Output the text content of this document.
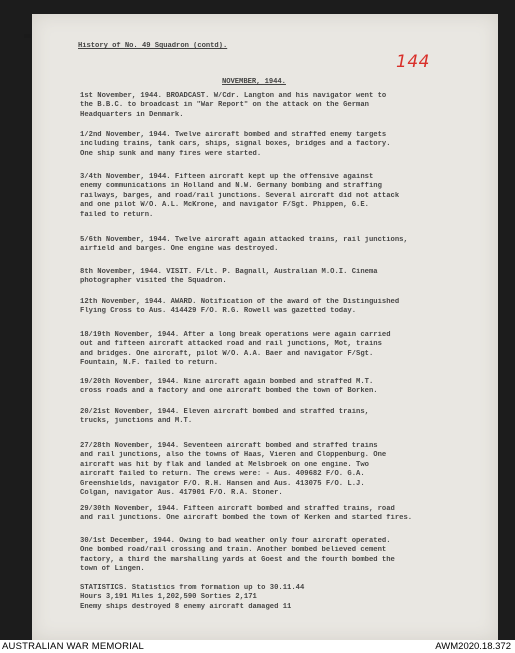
History of No. 49 Squadron (contd).
144
NOVEMBER, 1944.
1st November, 1944. BROADCAST. W/Cdr. Langton and his navigator went to
the B.B.C. to broadcast in "War Report" on the attack on the German
Headquarters in Denmark.
1/2nd November, 1944. Twelve aircraft bombed and straffed enemy targets
including trains, tank cars, ships, signal boxes, bridges and a factory.
One ship sunk and many fires were started.
3/4th November, 1944. Fifteen aircraft kept up the offensive against
enemy communications in Holland and N.W. Germany bombing and straffing
railways, barges, and road/rail junctions. Several aircraft did not attack
and one pilot W/O. A.L. McKrone, and navigator F/Sgt. Phippen, G.E.
failed to return.
5/6th November, 1944. Twelve aircraft again attacked trains, rail junctions,
airfield and barges. One engine was destroyed.
8th November, 1944. VISIT. F/Lt. P. Bagnall, Australian M.O.I. Cinema
photographer visited the Squadron.
12th November, 1944. AWARD. Notification of the award of the Distinguished
Flying Cross to Aus. 414429 F/O. R.G. Rowell was gazetted today.
18/19th November, 1944. After a long break operations were again carried
out and fifteen aircraft attacked road and rail junctions, Mot, trains
and bridges. One aircraft, pilot W/O. A.A. Baer and navigator F/Sgt.
Fountain, N.F. failed to return.
19/20th November, 1944. Nine aircraft again bombed and straffed M.T.
cross roads and a factory and one aircraft bombed the town of Borken.
20/21st November, 1944. Eleven aircraft bombed and straffed trains,
trucks, junctions and M.T.
27/28th November, 1944. Seventeen aircraft bombed and straffed trains
and rail junctions, also the towns of Haas, Vieren and Cloppenburg. One
aircraft was hit by flak and landed at Melsbroek on one engine. Two
aircraft failed to return. The crews were: - Aus. 409682 F/O. G.A.
Greenshields, navigator F/O. R.H. Hansen and Aus. 413075 F/O. L.J.
Colgan, navigator Aus. 417901 F/O. R.A. Stoner.
29/30th November, 1944. Fifteen aircraft bombed and straffed trains, road
and rail junctions. One aircraft bombed the town of Kerken and started fires.
30/1st December, 1944. Owing to bad weather only four aircraft operated.
One bombed road/rail crossing and train. Another bombed believed cement
factory, a third the marshalling yards at Goest and the fourth bombed the
town of Lingen.
STATISTICS. Statistics from formation up to 30.11.44
Hours 3,191 Miles 1,202,590 Sorties 2,171
Enemy ships destroyed 8 enemy aircraft damaged 11
AUSTRALIAN WAR MEMORIAL	AWM2020.18.372
